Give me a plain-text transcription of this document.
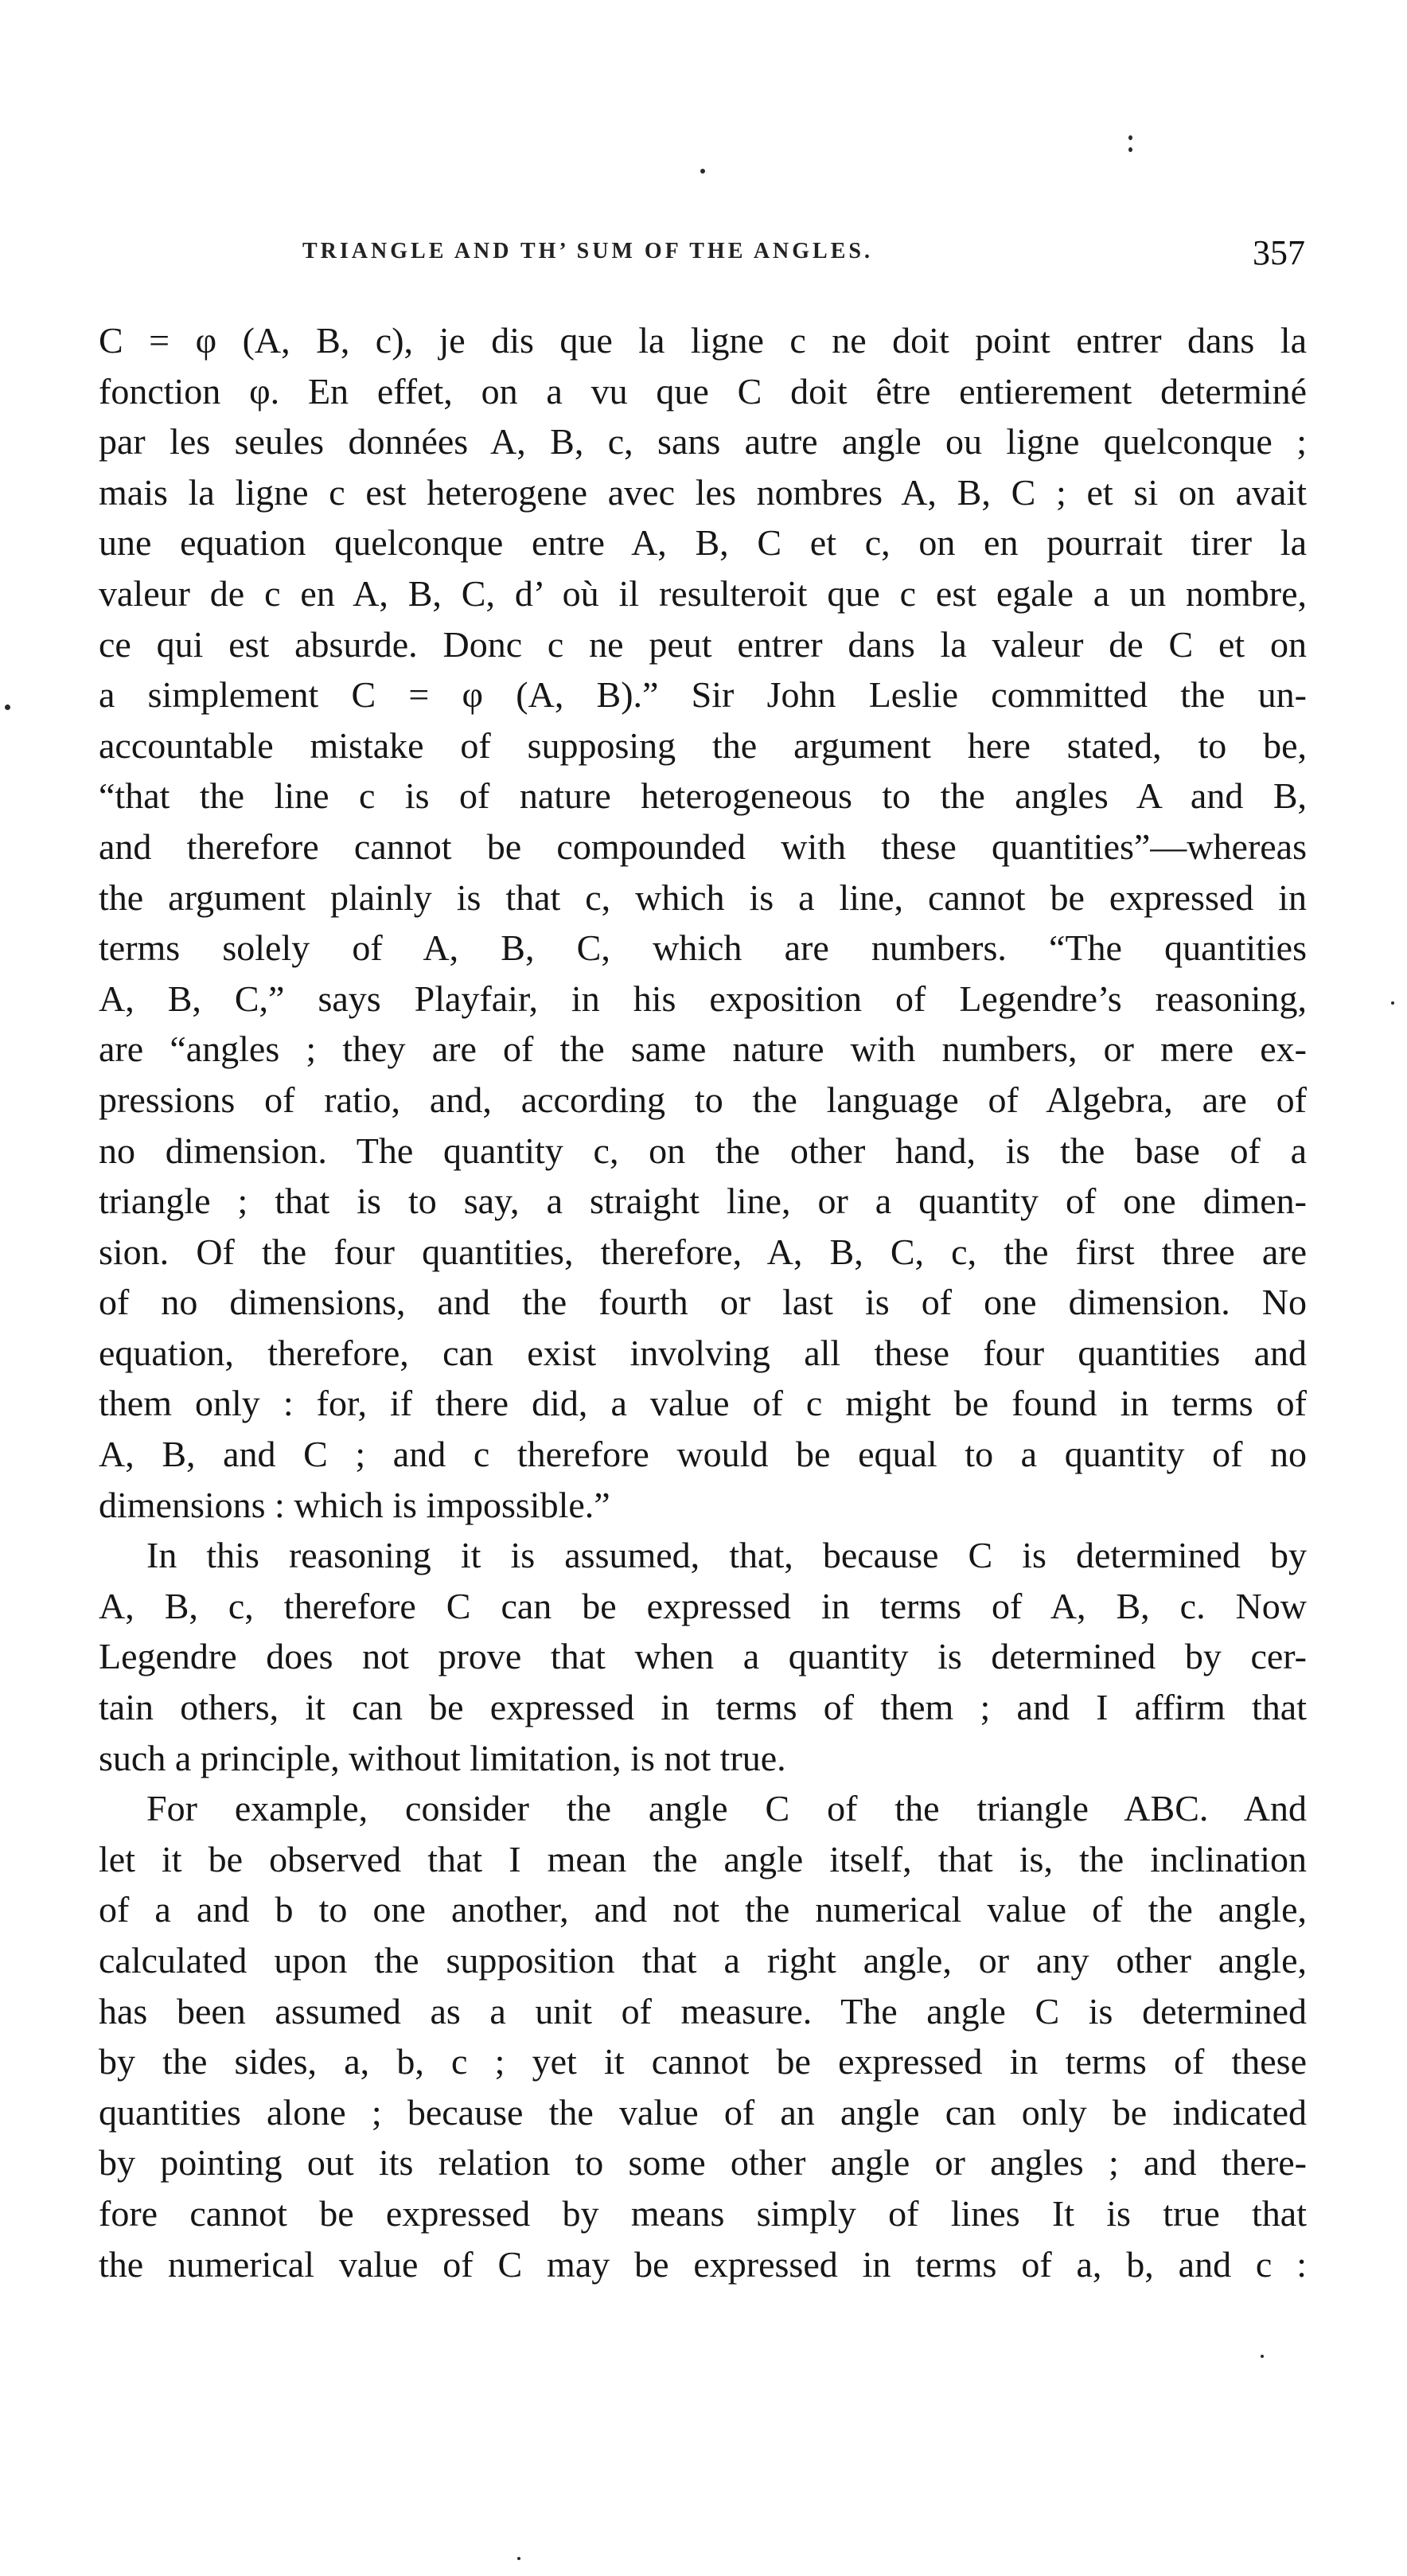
TRIANGLE AND TH’ SUM OF THE ANGLES.	357
C = φ (A, B, c), je dis que la ligne c ne doit point entrer dans la
fonction φ. En effet, on a vu que C doit être entierement determiné
par les seules données A, B, c, sans autre angle ou ligne quelconque ;
mais la ligne c est heterogene avec les nombres A, B, C ; et si on avait
une equation quelconque entre A, B, C et c, on en pourrait tirer la
valeur de c en A, B, C, d’ où il resulteroit que c est egale a un nombre,
ce qui est absurde. Donc c ne peut entrer dans la valeur de C et on
a simplement C = φ (A, B).” Sir John Leslie committed the un-
accountable mistake of supposing the argument here stated, to be,
“that the line c is of nature heterogeneous to the angles A and B,
and therefore cannot be compounded with these quantities”—whereas
the argument plainly is that c, which is a line, cannot be expressed in
terms solely of A, B, C, which are numbers. “The quantities
A, B, C,” says Playfair, in his exposition of Legendre’s reasoning,
are “angles ; they are of the same nature with numbers, or mere ex-
pressions of ratio, and, according to the language of Algebra, are of
no dimension. The quantity c, on the other hand, is the base of a
triangle ; that is to say, a straight line, or a quantity of one dimen-
sion. Of the four quantities, therefore, A, B, C, c, the first three are
of no dimensions, and the fourth or last is of one dimension. No
equation, therefore, can exist involving all these four quantities and
them only : for, if there did, a value of c might be found in terms of
A, B, and C ; and c therefore would be equal to a quantity of no
dimensions : which is impossible.”
In this reasoning it is assumed, that, because C is determined by
A, B, c, therefore C can be expressed in terms of A, B, c. Now
Legendre does not prove that when a quantity is determined by cer-
tain others, it can be expressed in terms of them ; and I affirm that
such a principle, without limitation, is not true.
For example, consider the angle C of the triangle ABC. And
let it be observed that I mean the angle itself, that is, the inclination
of a and b to one another, and not the numerical value of the angle,
calculated upon the supposition that a right angle, or any other angle,
has been assumed as a unit of measure. The angle C is determined
by the sides, a, b, c ; yet it cannot be expressed in terms of these
quantities alone ; because the value of an angle can only be indicated
by pointing out its relation to some other angle or angles ; and there-
fore cannot be expressed by means simply of lines It is true that
the numerical value of C may be expressed in terms of a, b, and c :
